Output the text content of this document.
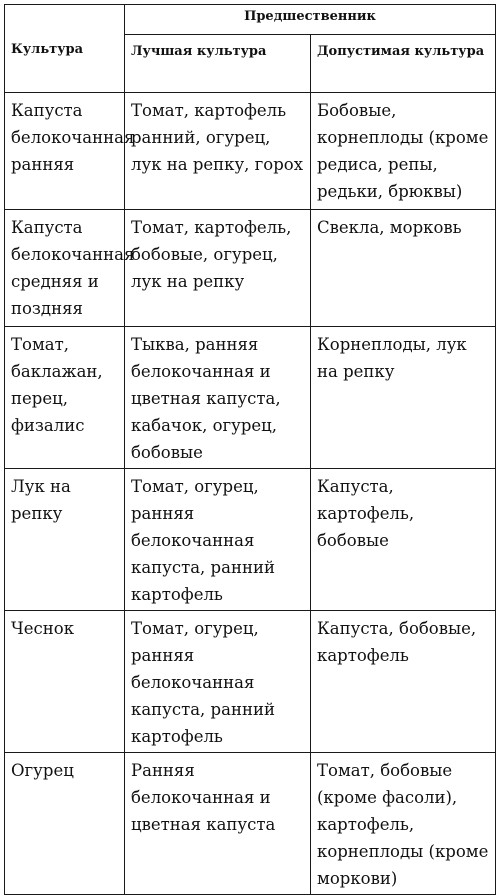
Культура	Предшественник	
	Лучшая культура	Допустимая культура
Капуста белокочанная ранняя	Томат, картофель ранний, огурец, лук на репку, горох	Бобовые, корнеплоды (кроме редиса, репы, редьки, брюквы)
Капуста белокочанная средняя и поздняя	Томат, картофель, бобовые, огурец, лук на репку	Свекла, морковь
Томат, баклажан, перец, физалис	Тыква, ранняя белокочанная и цветная капуста, кабачок, огурец, бобовые	Корнеплоды, лук на репку
Лук на репку	Томат, огурец, ранняя белокочанная капуста, ранний картофель	Капуста, картофель, бобовые
Чеснок	Томат, огурец, ранняя белокочанная капуста, ранний картофель	Капуста, бобовые, картофель
Огурец	Ранняя белокочанная и цветная капуста	Томат, бобовые (кроме фасоли), картофель, корнеплоды (кроме моркови)
